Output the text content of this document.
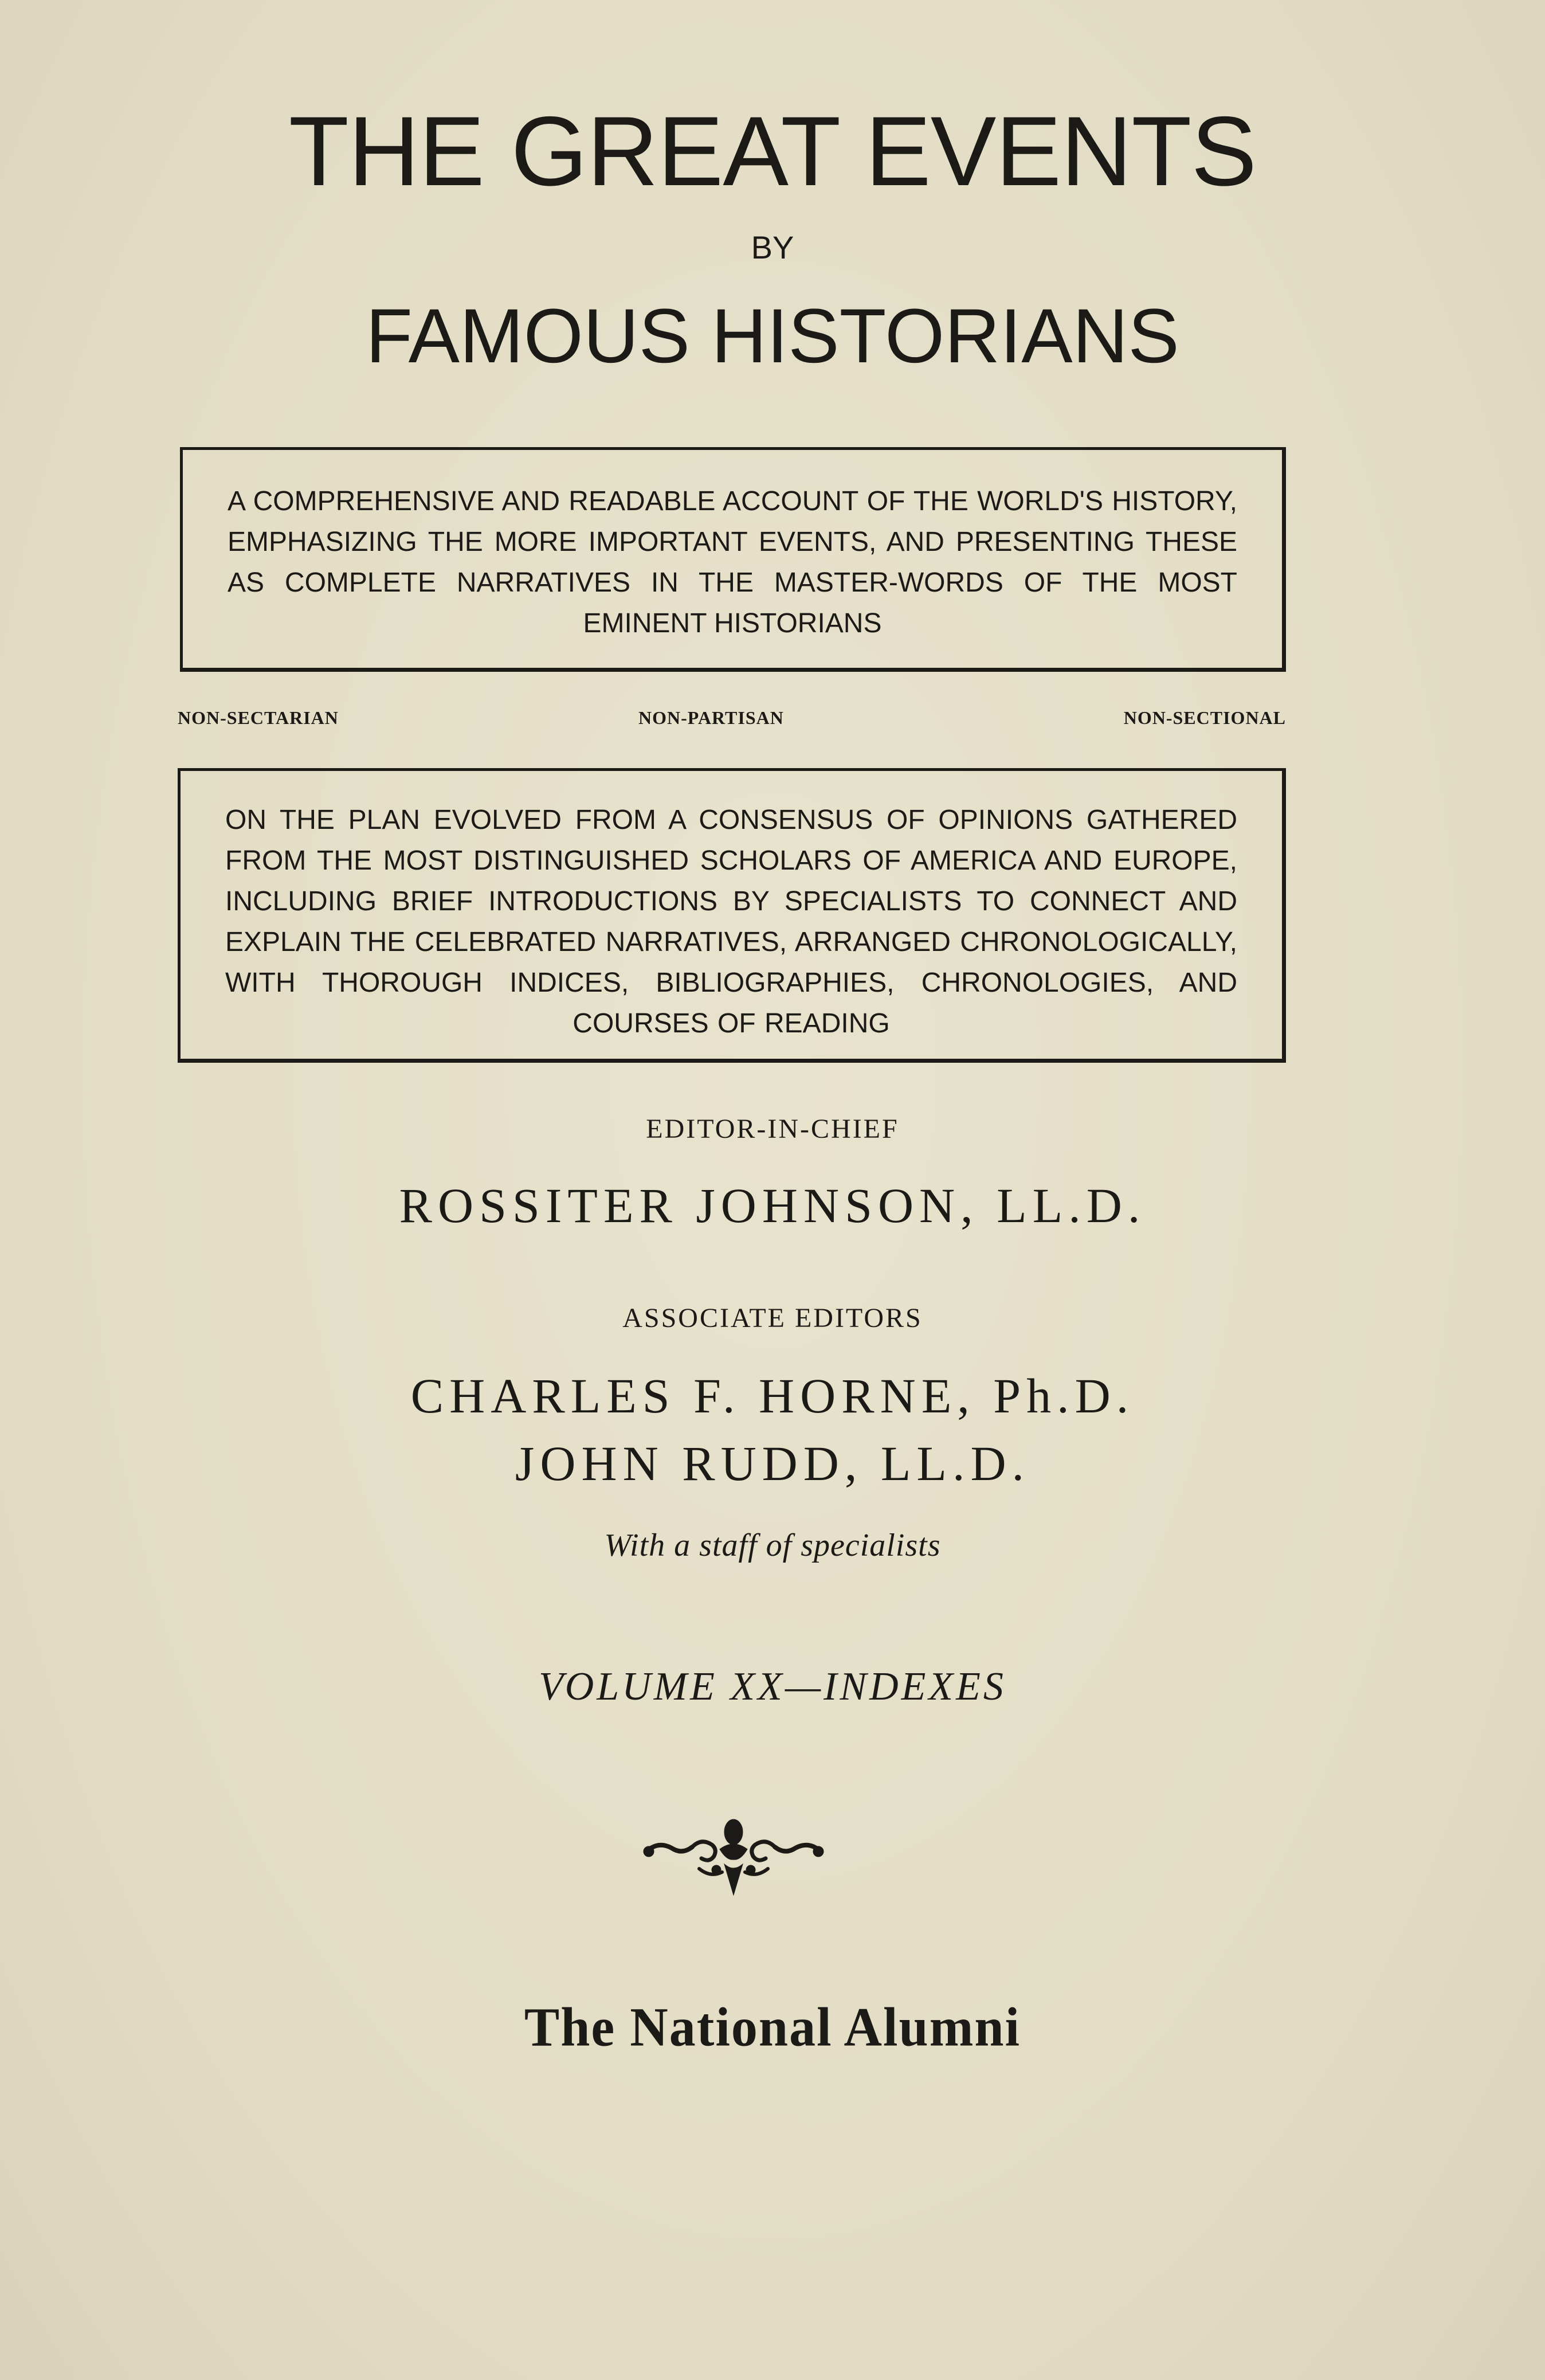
THE GREAT EVENTS
BY
FAMOUS HISTORIANS

A COMPREHENSIVE AND READABLE ACCOUNT OF THE WORLD'S HISTORY, EMPHASIZING THE MORE IMPORTANT EVENTS, AND PRESENTING THESE AS COMPLETE NARRATIVES IN THE MASTER-WORDS OF THE MOST EMINENT HISTORIANS

NON-SECTARIAN	NON-PARTISAN	NON-SECTIONAL

ON THE PLAN EVOLVED FROM A CONSENSUS OF OPINIONS GATHERED FROM THE MOST DISTINGUISHED SCHOLARS OF AMERICA AND EUROPE, INCLUDING BRIEF INTRODUCTIONS BY SPECIALISTS TO CONNECT AND EXPLAIN THE CELEBRATED NARRATIVES, ARRANGED CHRONOLOGICALLY, WITH THOROUGH INDICES, BIBLIOGRAPHIES, CHRONOLOGIES, AND COURSES OF READING

EDITOR-IN-CHIEF
ROSSITER JOHNSON, LL.D.
ASSOCIATE EDITORS
CHARLES F. HORNE, Ph.D.
JOHN RUDD, LL.D.
With a staff of specialists
VOLUME XX—INDEXES
The National Alumni
